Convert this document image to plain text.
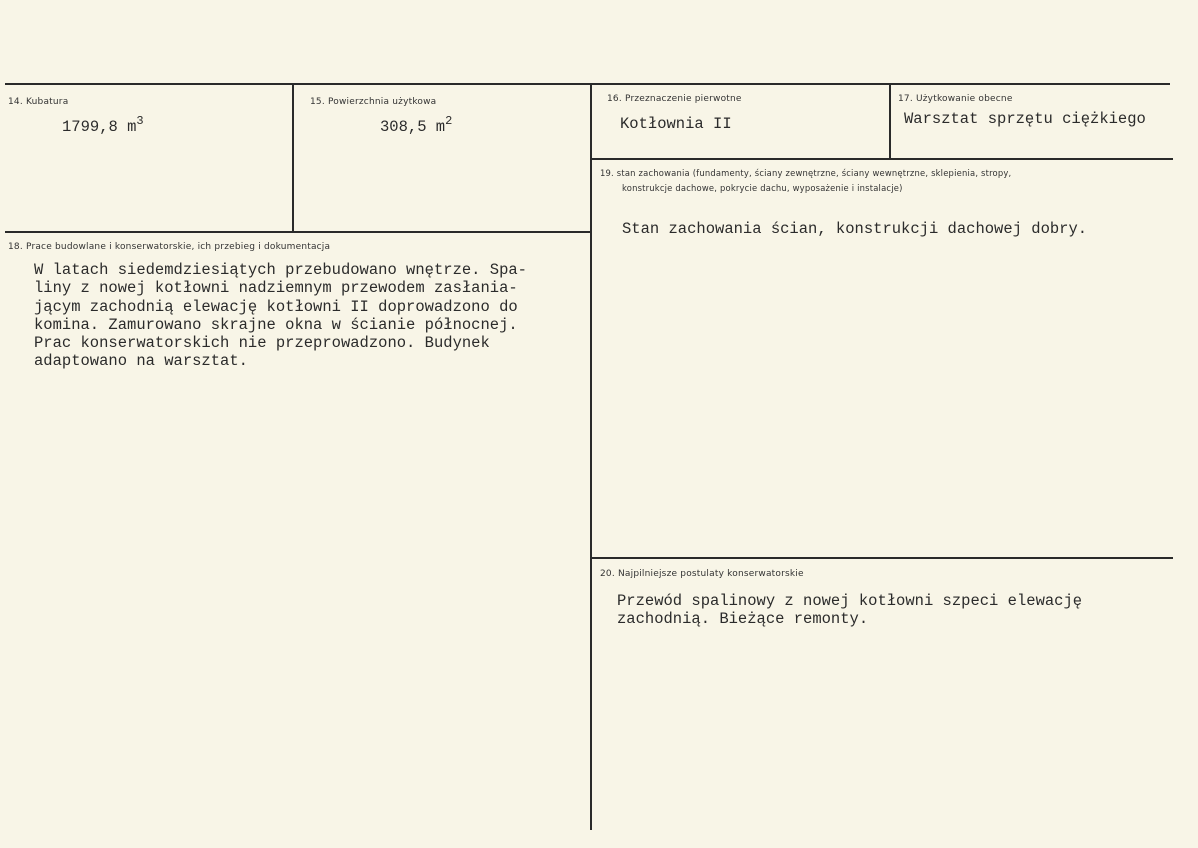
14. Kubatura
1799,8 $m^3$
15. Powierzchnia użytkowa
308,5 $m^2$
16. Przeznaczenie pierwotne
Kotłownia II
17. Użytkowanie obecne
Warsztat sprzętu ciężkiego
18. Prace budowlane i konserwatorskie, ich przebieg i dokumentacja
W latach siedemdziesiątych przebudowano wnętrze. Spa-
liny z nowej kotłowni nadziemnym przewodem zasłania-
jącym zachodnią elewację kotłowni II doprowadzono do
komina. Zamurowano skrajne okna w ścianie północnej.
Prac konserwatorskich nie przeprowadzono. Budynek
adaptowano na warsztat.
19. stan zachowania (fundamenty, ściany zewnętrzne, ściany wewnętrzne, sklepienia, stropy,
konstrukcje dachowe, pokrycie dachu, wyposażenie i instalacje)
Stan zachowania ścian, konstrukcji dachowej dobry.
20. Najpilniejsze postulaty konserwatorskie
Przewód spalinowy z nowej kotłowni szpeci elewację
zachodnią. Bieżące remonty.
